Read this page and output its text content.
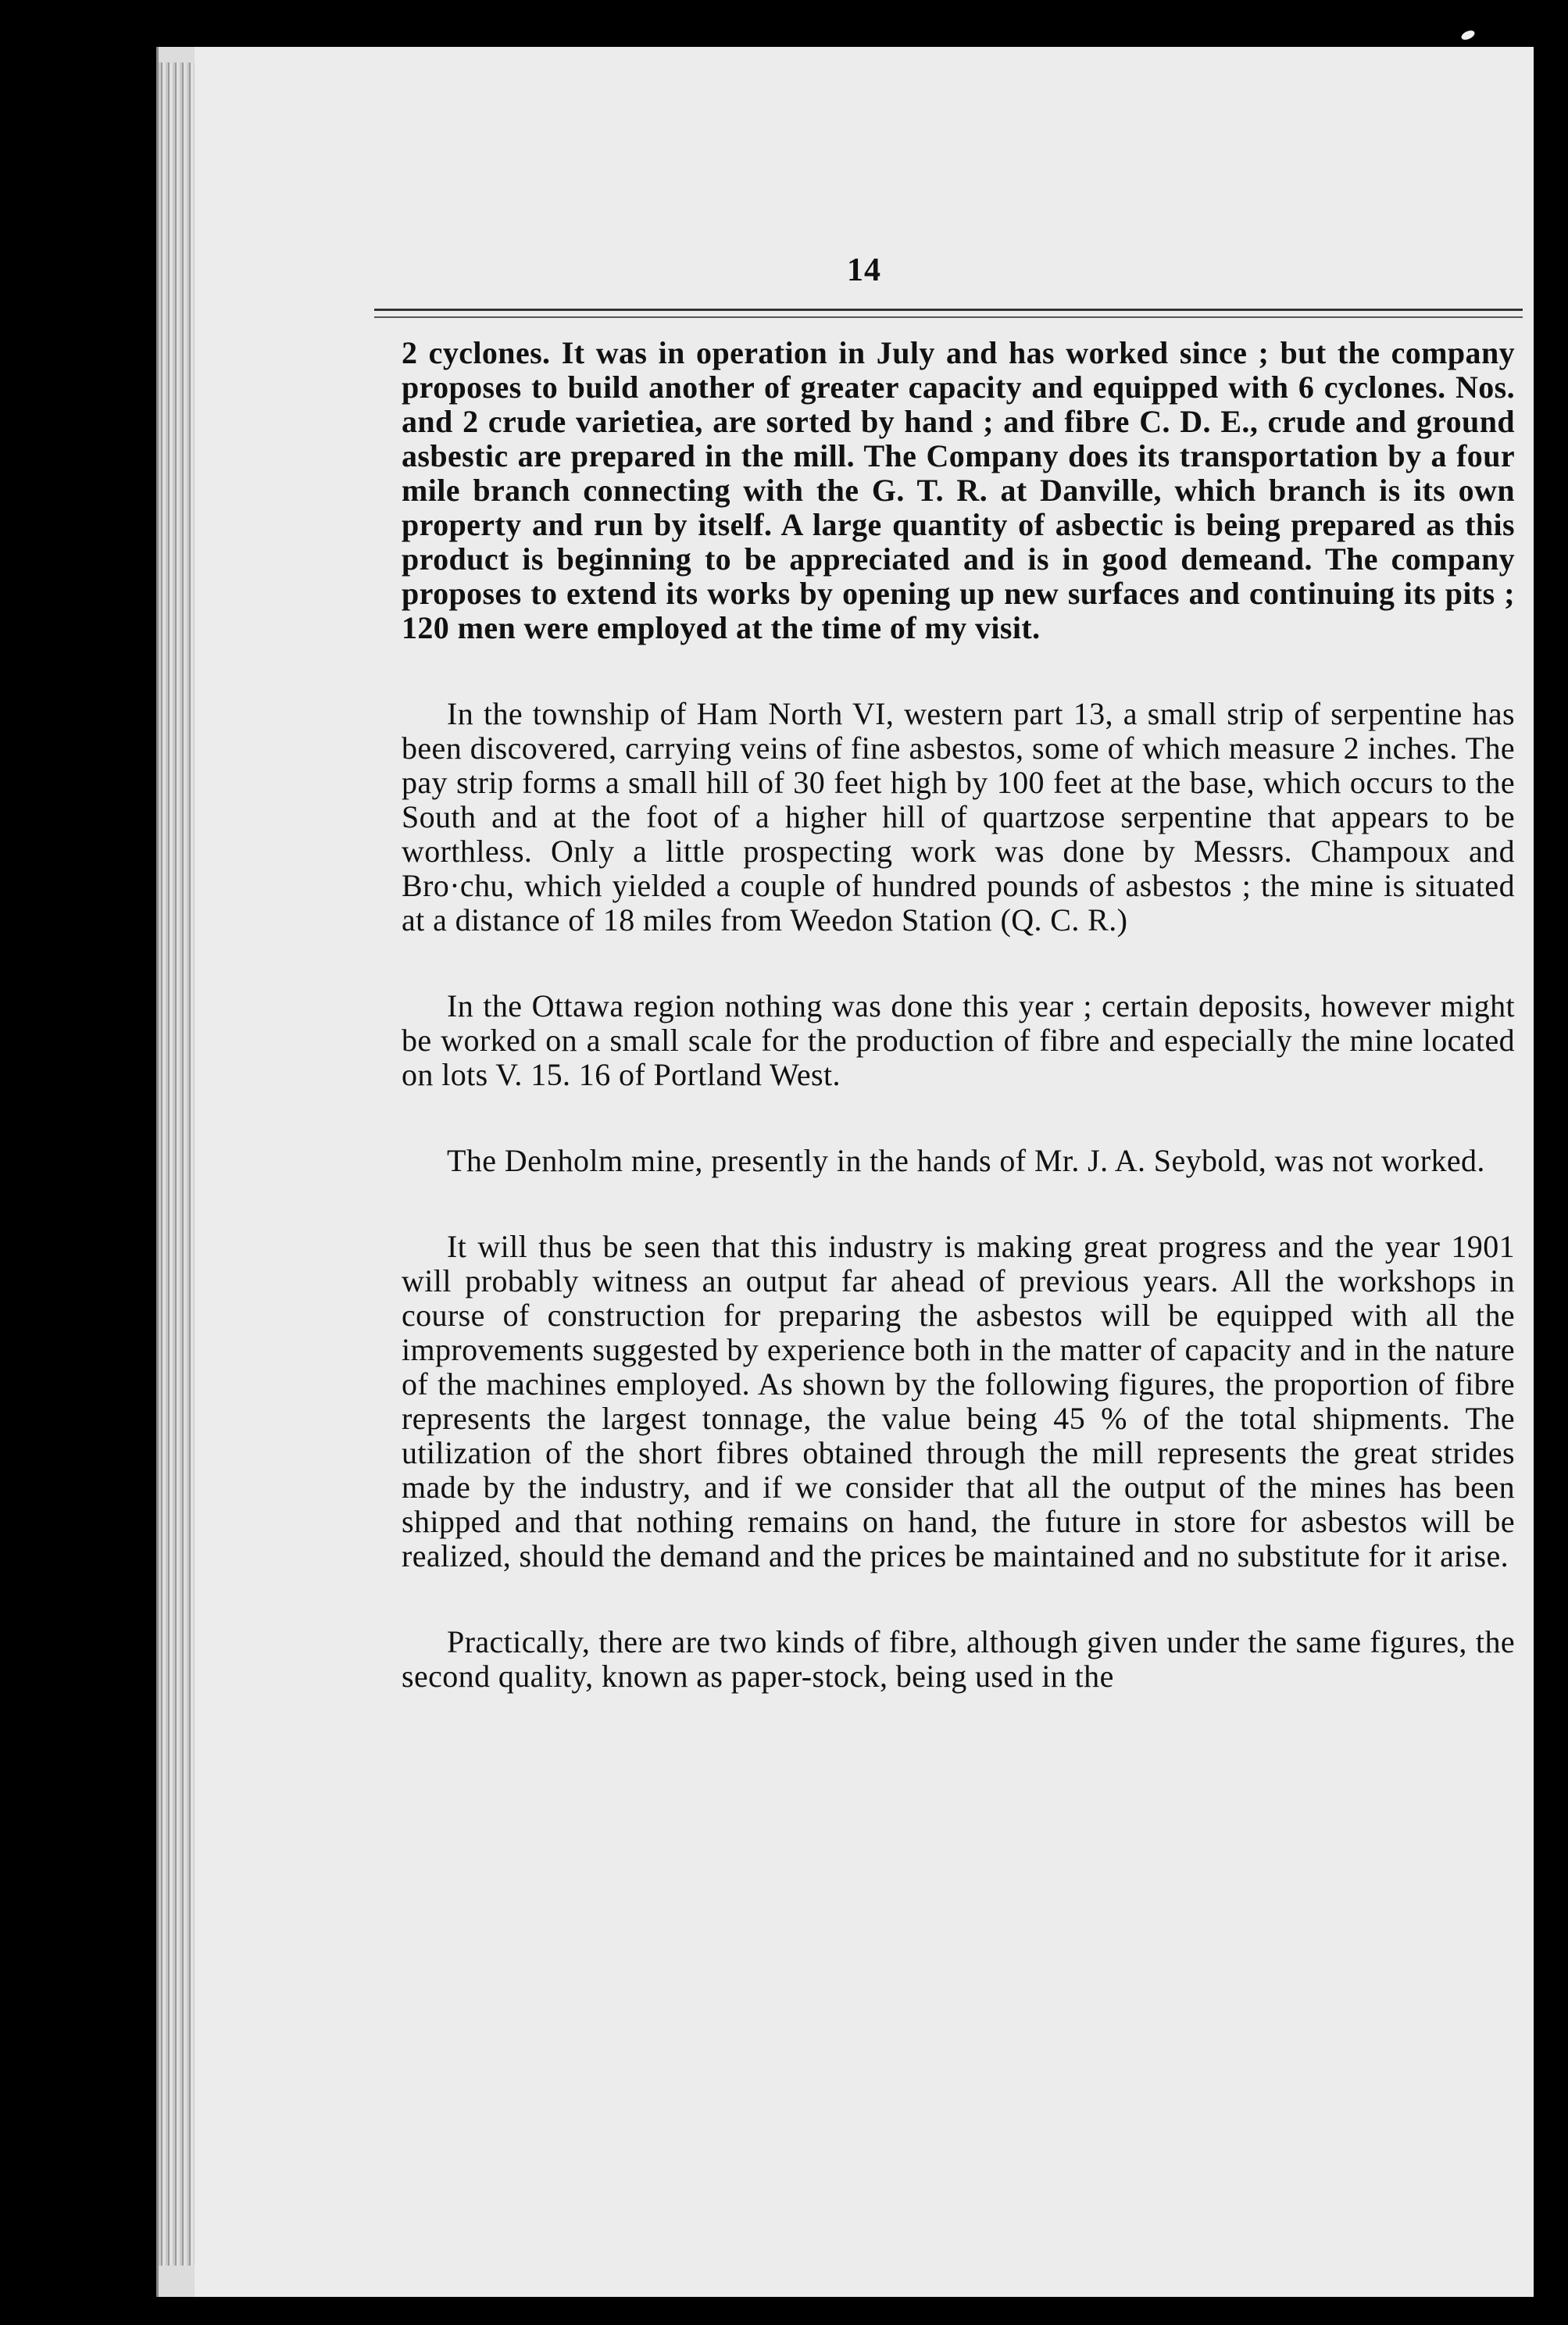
14

2 cyclones. It was in operation in July and has worked since ; but the company proposes to build another of greater capacity and equipped with 6 cyclones. Nos. and 2 crude varietiea, are sorted by hand ; and fibre C. D. E., crude and ground asbestic are prepared in the mill. The Company does its transportation by a four mile branch connecting with the G. T. R. at Danville, which branch is its own property and run by itself. A large quantity of asbectic is being prepared as this product is beginning to be appreciated and is in good demeand. The company proposes to extend its works by opening up new surfaces and continuing its pits ; 120 men were employed at the time of my visit.

In the township of Ham North VI, western part 13, a small strip of serpentine has been discovered, carrying veins of fine asbestos, some of which measure 2 inches. The pay strip forms a small hill of 30 feet high by 100 feet at the base, which occurs to the South and at the foot of a higher hill of quartzose serpentine that appears to be worthless. Only a little prospecting work was done by Messrs. Champoux and Bro·chu, which yielded a couple of hundred pounds of asbestos ; the mine is situated at a distance of 18 miles from Weedon Station (Q. C. R.)

In the Ottawa region nothing was done this year ; certain deposits, however might be worked on a small scale for the production of fibre and especially the mine located on lots V. 15. 16 of Portland West.

The Denholm mine, presently in the hands of Mr. J. A. Seybold, was not worked.

It will thus be seen that this industry is making great progress and the year 1901 will probably witness an output far ahead of previous years. All the workshops in course of construction for preparing the asbestos will be equipped with all the improvements suggested by experience both in the matter of capacity and in the nature of the machines employed. As shown by the following figures, the proportion of fibre represents the largest tonnage, the value being 45 % of the total shipments. The utilization of the short fibres obtained through the mill represents the great strides made by the industry, and if we consider that all the output of the mines has been shipped and that nothing remains on hand, the future in store for asbestos will be realized, should the demand and the prices be maintained and no substitute for it arise.

Practically, there are two kinds of fibre, although given under the same figures, the second quality, known as paper-stock, being used in the
